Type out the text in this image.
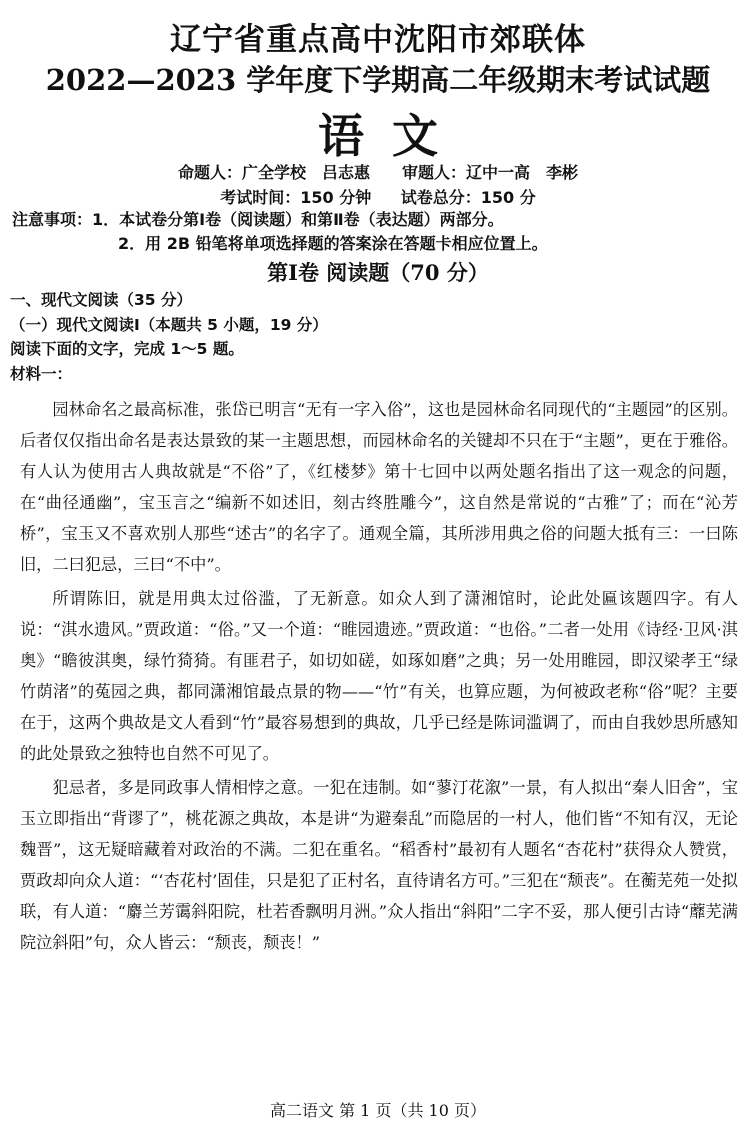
辽宁省重点高中沈阳市郊联体
2022—2023 学年度下学期高二年级期末考试试题
语文
命题人：广全学校　吕志惠　　审题人：辽中一高　李彬
考试时间：150 分钟 试卷总分：150 分
注意事项：1．本试卷分第Ⅰ卷（阅读题）和第Ⅱ卷（表达题）两部分。
2．用 2B 铅笔将单项选择题的答案涂在答题卡相应位置上。
第Ⅰ卷 阅读题（70 分）
一、现代文阅读（35 分）
（一）现代文阅读Ⅰ（本题共 5 小题，19 分）
阅读下面的文字，完成 1～5 题。
材料一：

园林命名之最高标准，张岱已明言“无有一字入俗”，这也是园林命名同现代的“主题园”的区别。后者仅仅指出命名是表达景致的某一主题思想，而园林命名的关键却不只在于“主题”，更在于雅俗。有人认为使用古人典故就是“不俗”了，《红楼梦》第十七回中以两处题名指出了这一观念的问题，在“曲径通幽”，宝玉言之“编新不如述旧，刻古终胜雕今”，这自然是常说的“古雅”了；而在“沁芳桥”，宝玉又不喜欢别人那些“述古”的名字了。通观全篇，其所涉用典之俗的问题大抵有三：一曰陈旧，二曰犯忌，三曰“不中”。

所谓陈旧，就是用典太过俗滥，了无新意。如众人到了潇湘馆时，论此处匾该题四字。有人说：“淇水遗风。”贾政道：“俗。”又一个道：“睢园遗迹。”贾政道：“也俗。”二者一处用《诗经·卫风·淇奥》“瞻彼淇奥，绿竹猗猗。有匪君子，如切如磋，如琢如磨”之典；另一处用睢园，即汉梁孝王“绿竹荫渚”的菟园之典，都同潇湘馆最点景的物——“竹”有关，也算应题，为何被政老称“俗”呢？主要在于，这两个典故是文人看到“竹”最容易想到的典故，几乎已经是陈词滥调了，而由自我妙思所感知的此处景致之独特也自然不可见了。

犯忌者，多是同政事人情相悖之意。一犯在违制。如“蓼汀花溆”一景，有人拟出“秦人旧舍”，宝玉立即指出“背谬了”，桃花源之典故，本是讲“为避秦乱”而隐居的一村人，他们皆“不知有汉，无论魏晋”，这无疑暗藏着对政治的不满。二犯在重名。“稻香村”最初有人题名“杏花村”获得众人赞赏，贾政却向众人道：“‘杏花村’固佳，只是犯了正村名，直待请名方可。”三犯在“颓丧”。在蘅芜苑一处拟联，有人道：“麝兰芳霭斜阳院，杜若香飘明月洲。”众人指出“斜阳”二字不妥，那人便引古诗“蘼芜满院泣斜阳”句，众人皆云：“颓丧，颓丧！”

高二语文 第 1 页（共 10 页）
